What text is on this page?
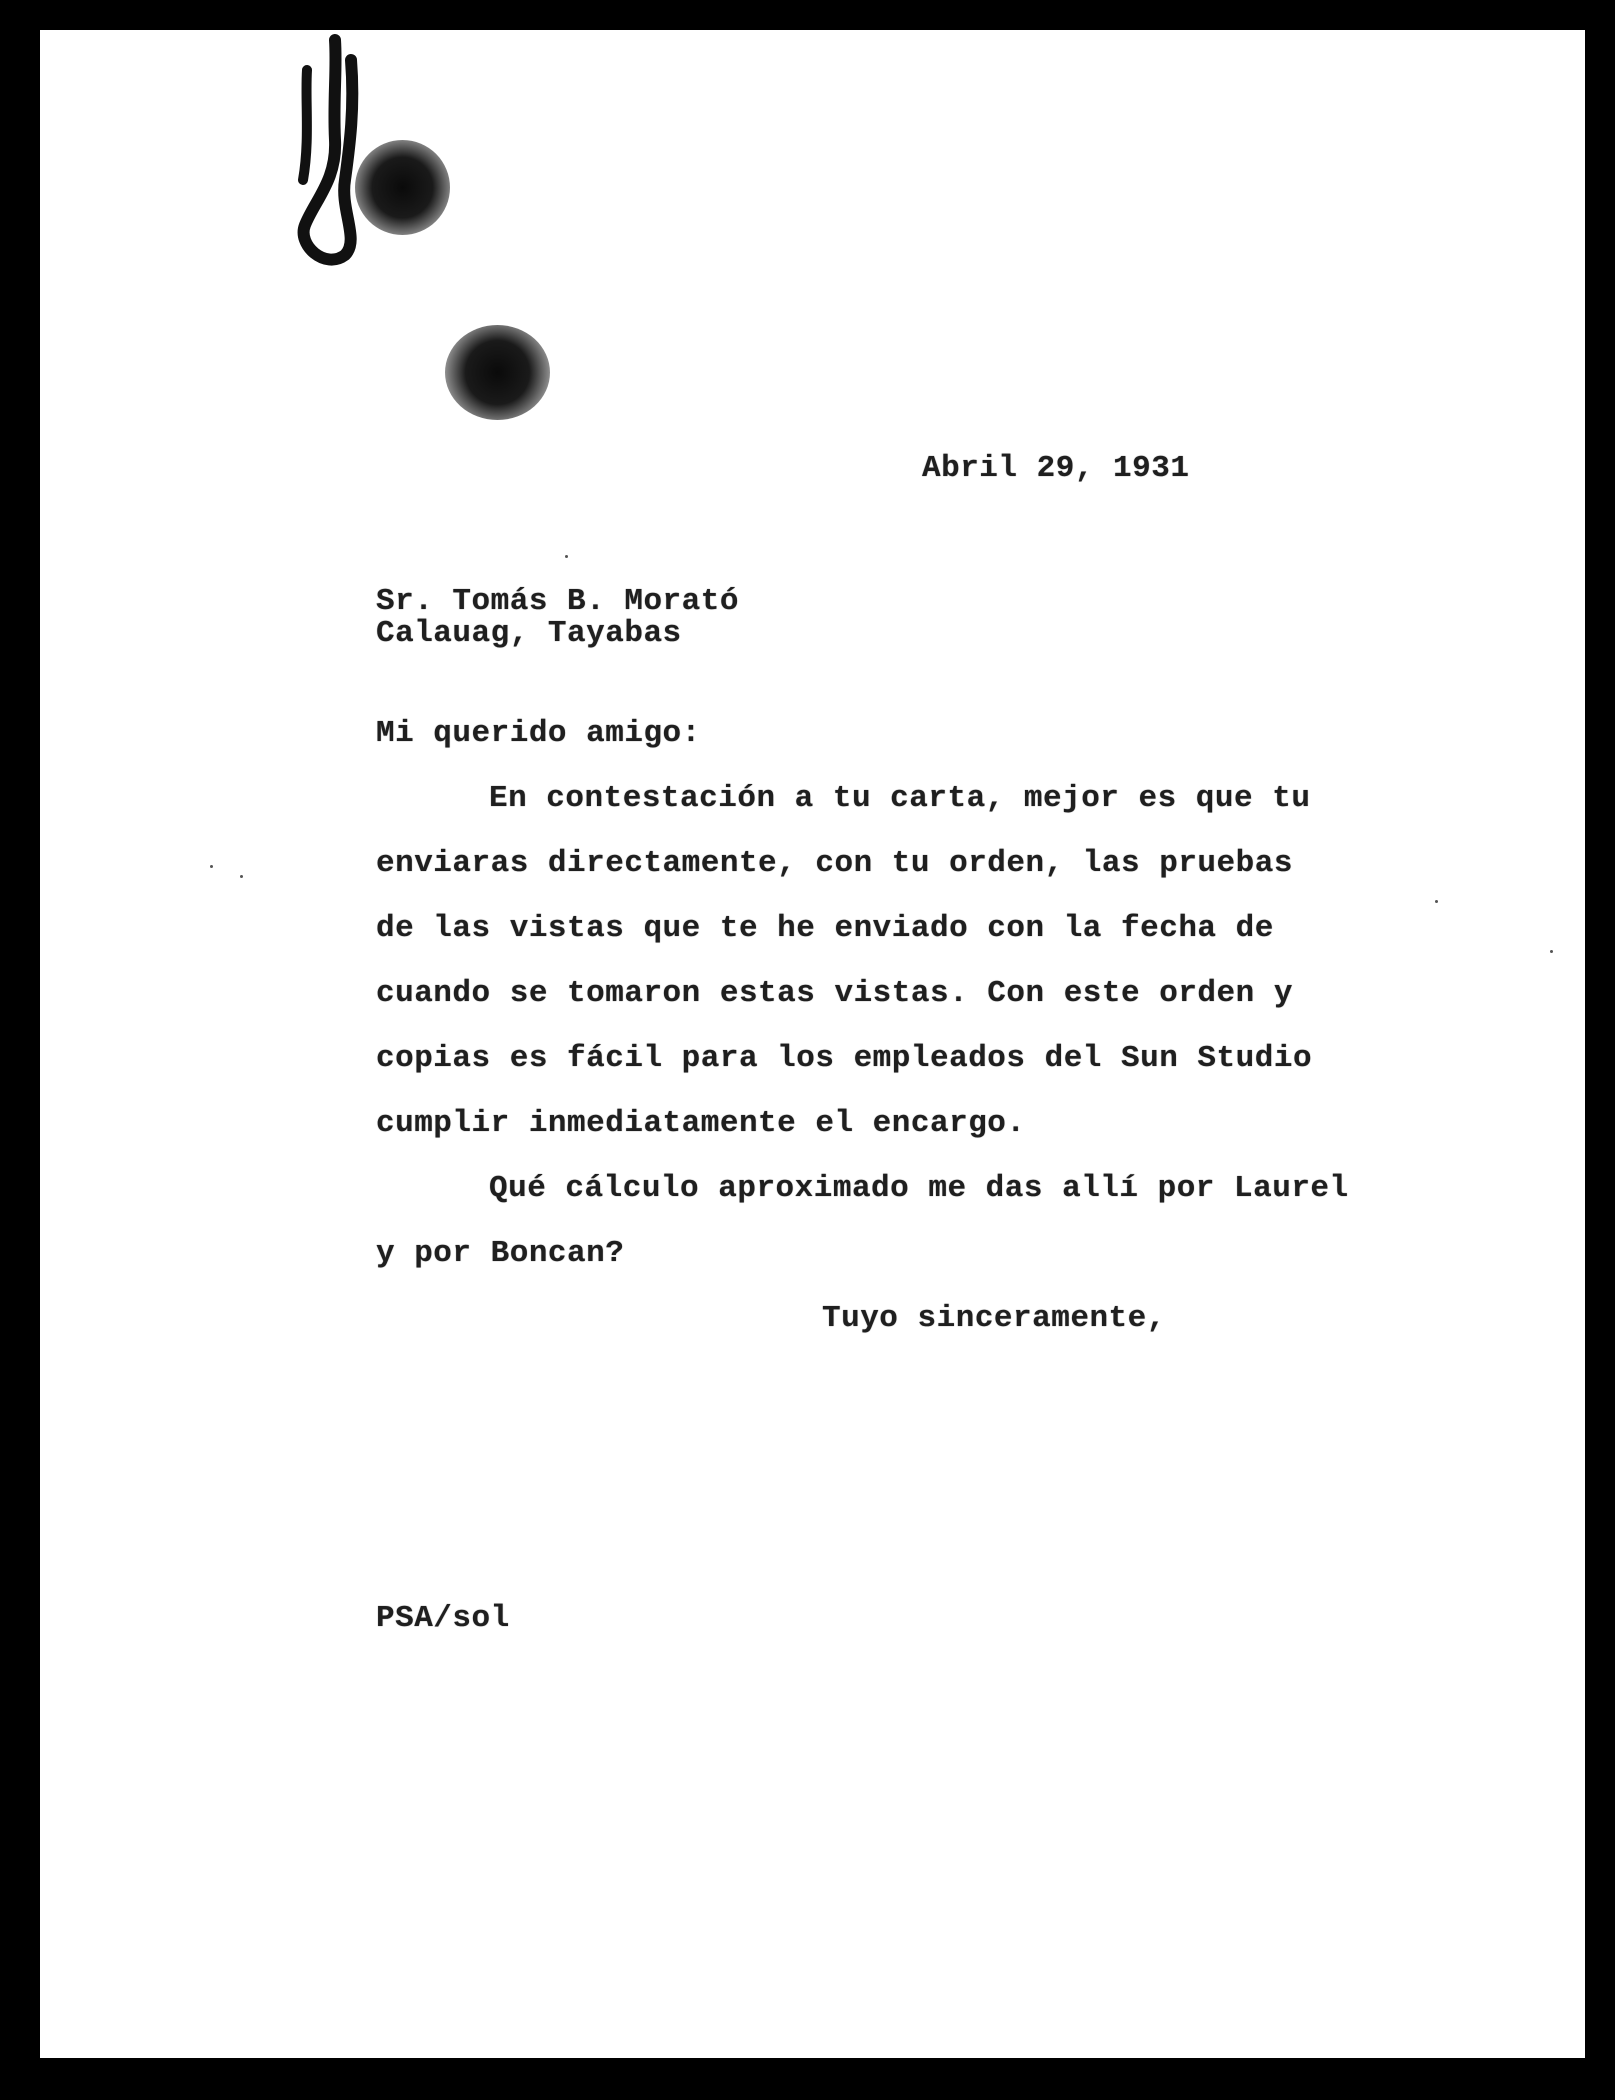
Abril 29, 1931
Sr. Tomás B. Morató
Calauag, Tayabas
Mi querido amigo:
En contestación a tu carta, mejor es que tu
enviaras directamente, con tu orden, las pruebas
de las vistas que te he enviado con la fecha de
cuando se tomaron estas vistas. Con este orden y
copias es fácil para los empleados del Sun Studio
cumplir inmediatamente el encargo.
Qué cálculo aproximado me das allí por Laurel
y por Boncan?
Tuyo sinceramente,
PSA/sol
